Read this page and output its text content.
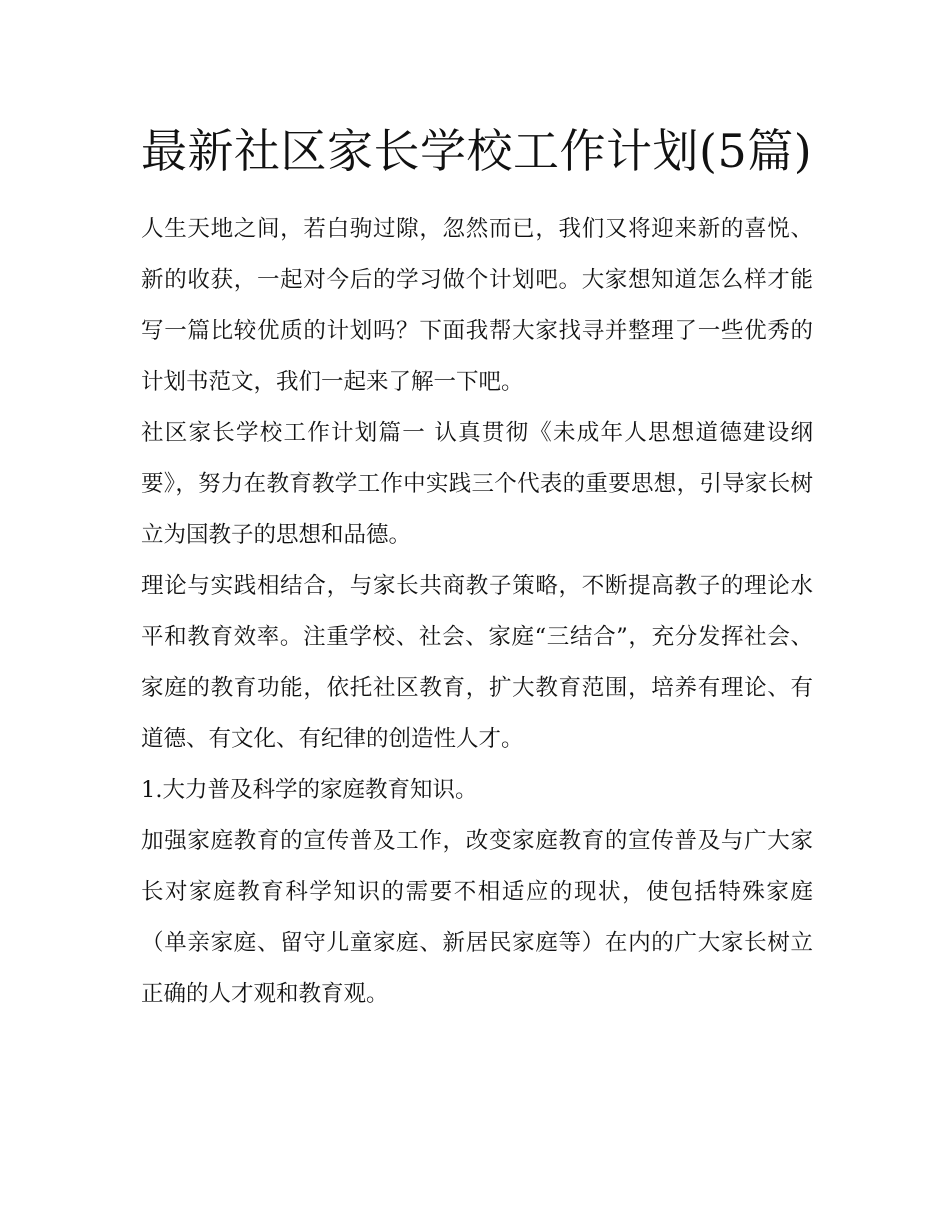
最新社区家长学校工作计划(5篇)

人生天地之间，若白驹过隙，忽然而已，我们又将迎来新的喜悦、新的收获，一起对今后的学习做个计划吧。大家想知道怎么样才能写一篇比较优质的计划吗？下面我帮大家找寻并整理了一些优秀的计划书范文，我们一起来了解一下吧。

社区家长学校工作计划篇一 认真贯彻《未成年人思想道德建设纲要》，努力在教育教学工作中实践三个代表的重要思想，引导家长树立为国教子的思想和品德。

理论与实践相结合，与家长共商教子策略，不断提高教子的理论水平和教育效率。注重学校、社会、家庭“三结合”，充分发挥社会、家庭的教育功能，依托社区教育，扩大教育范围，培养有理论、有道德、有文化、有纪律的创造性人才。

1.大力普及科学的家庭教育知识。

加强家庭教育的宣传普及工作，改变家庭教育的宣传普及与广大家长对家庭教育科学知识的需要不相适应的现状，使包括特殊家庭（单亲家庭、留守儿童家庭、新居民家庭等）在内的广大家长树立正确的人才观和教育观。
